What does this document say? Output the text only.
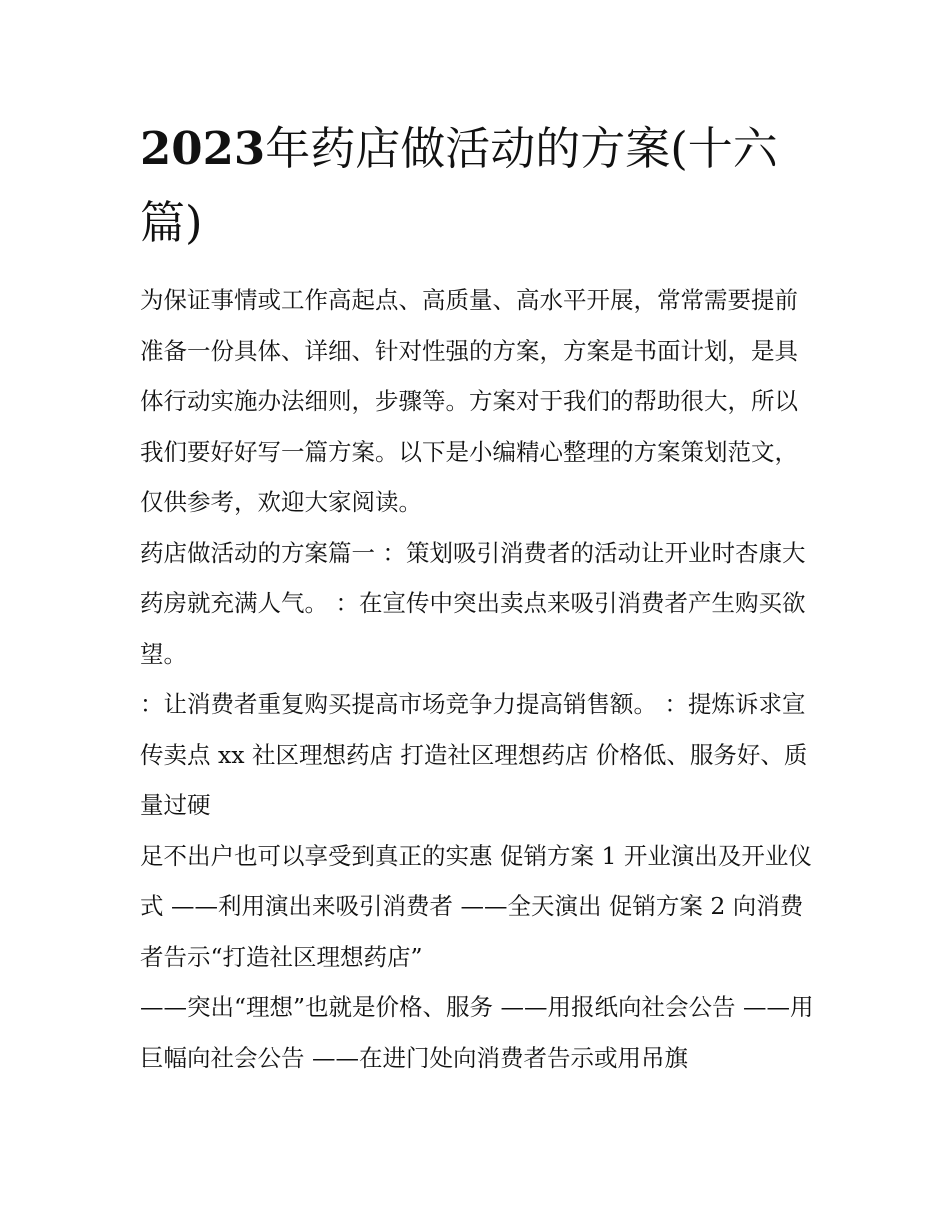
2023年药店做活动的方案(十六篇)

为保证事情或工作高起点、高质量、高水平开展，常常需要提前准备一份具体、详细、针对性强的方案，方案是书面计划，是具体行动实施办法细则，步骤等。方案对于我们的帮助很大，所以我们要好好写一篇方案。以下是小编精心整理的方案策划范文，仅供参考，欢迎大家阅读。

药店做活动的方案篇一 ：策划吸引消费者的活动让开业时杏康大药房就充满人气。 ：在宣传中突出卖点来吸引消费者产生购买欲望。

：让消费者重复购买提高市场竞争力提高销售额。 ：提炼诉求宣传卖点 xx 社区理想药店 打造社区理想药店 价格低、服务好、质量过硬

足不出户也可以享受到真正的实惠 促销方案 1 开业演出及开业仪式 ——利用演出来吸引消费者 ——全天演出 促销方案 2 向消费者告示“打造社区理想药店”

——突出“理想”也就是价格、服务 ——用报纸向社会公告 ——用巨幅向社会公告 ——在进门处向消费者告示或用吊旗
